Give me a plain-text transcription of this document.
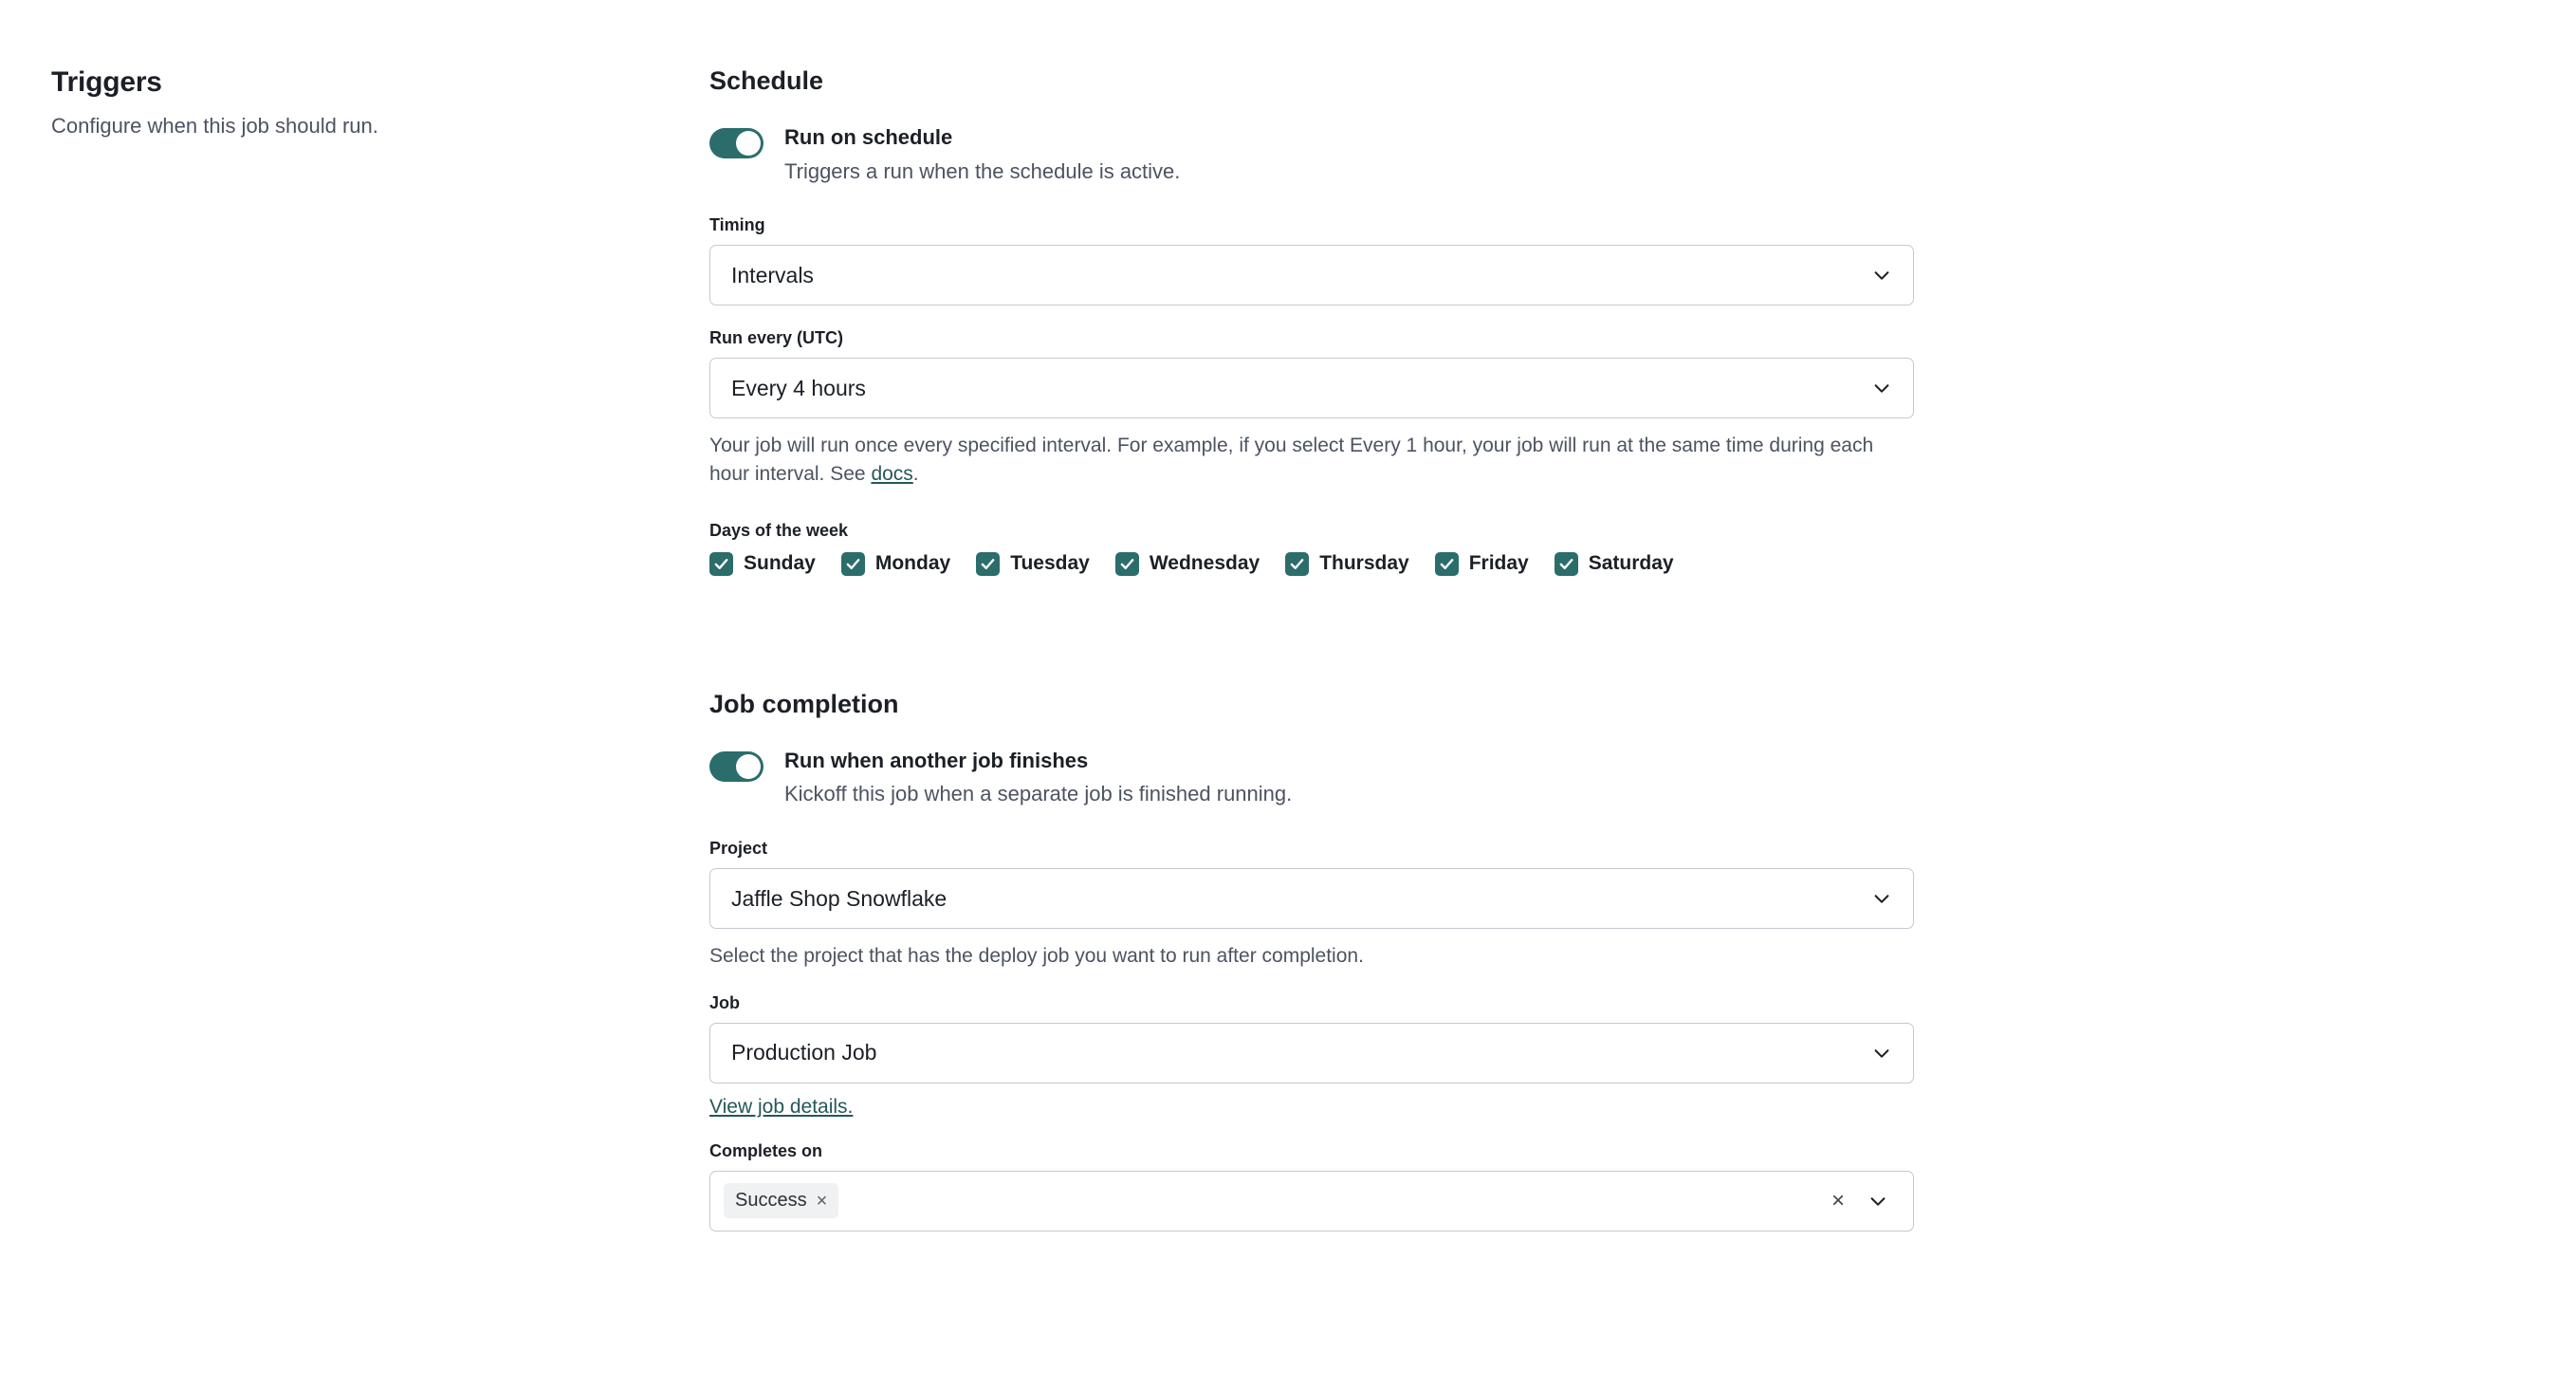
Triggers

Configure when this job should run.

Schedule

Run on schedule

Triggers a run when the schedule is active.

Timing

Intervals

Run every (UTC)

Every 4 hours

Your job will run once every specified interval. For example, if you select Every 1 hour, your job will run at the same time during each hour interval. See docs.

Days of the week

Sunday	Monday	Tuesday	Wednesday	Thursday	Friday	Saturday
Job completion

Run when another job finishes

Kickoff this job when a separate job is finished running.

Project

Jaffle Shop Snowflake

Select the project that has the deploy job you want to run after completion.

Job

Production Job
View job details.

Completes on

Success ×	×
